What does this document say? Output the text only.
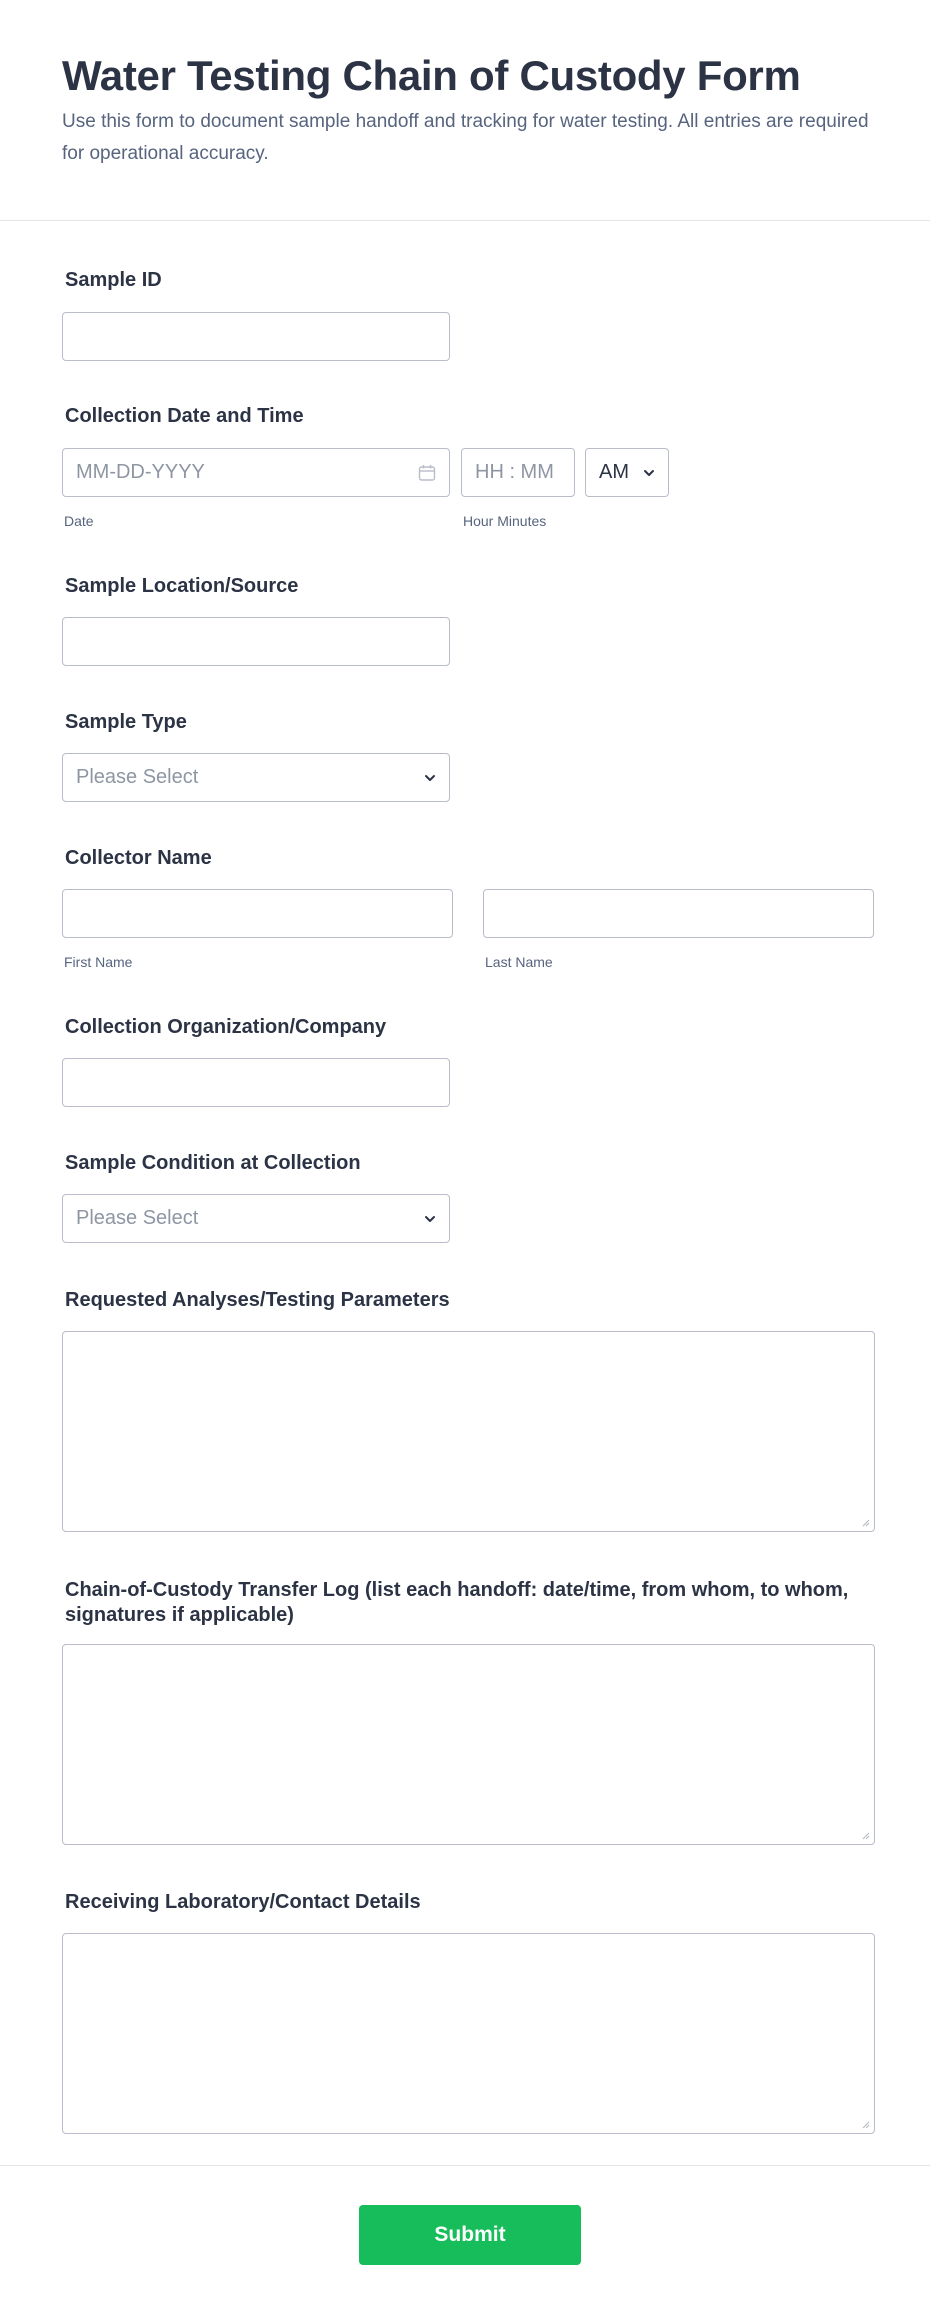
Water Testing Chain of Custody Form
Use this form to document sample handoff and tracking for water testing. All entries are required for operational accuracy.
Sample ID
Collection Date and Time
MM-DD-YYYY
HH : MM
AM
Date	Hour Minutes
Sample Location/Source
Sample Type
Please Select
Collector Name
First Name	Last Name
Collection Organization/Company
Sample Condition at Collection
Please Select
Requested Analyses/Testing Parameters
Chain-of-Custody Transfer Log (list each handoff: date/time, from whom, to whom, signatures if applicable)
Receiving Laboratory/Contact Details
Submit
